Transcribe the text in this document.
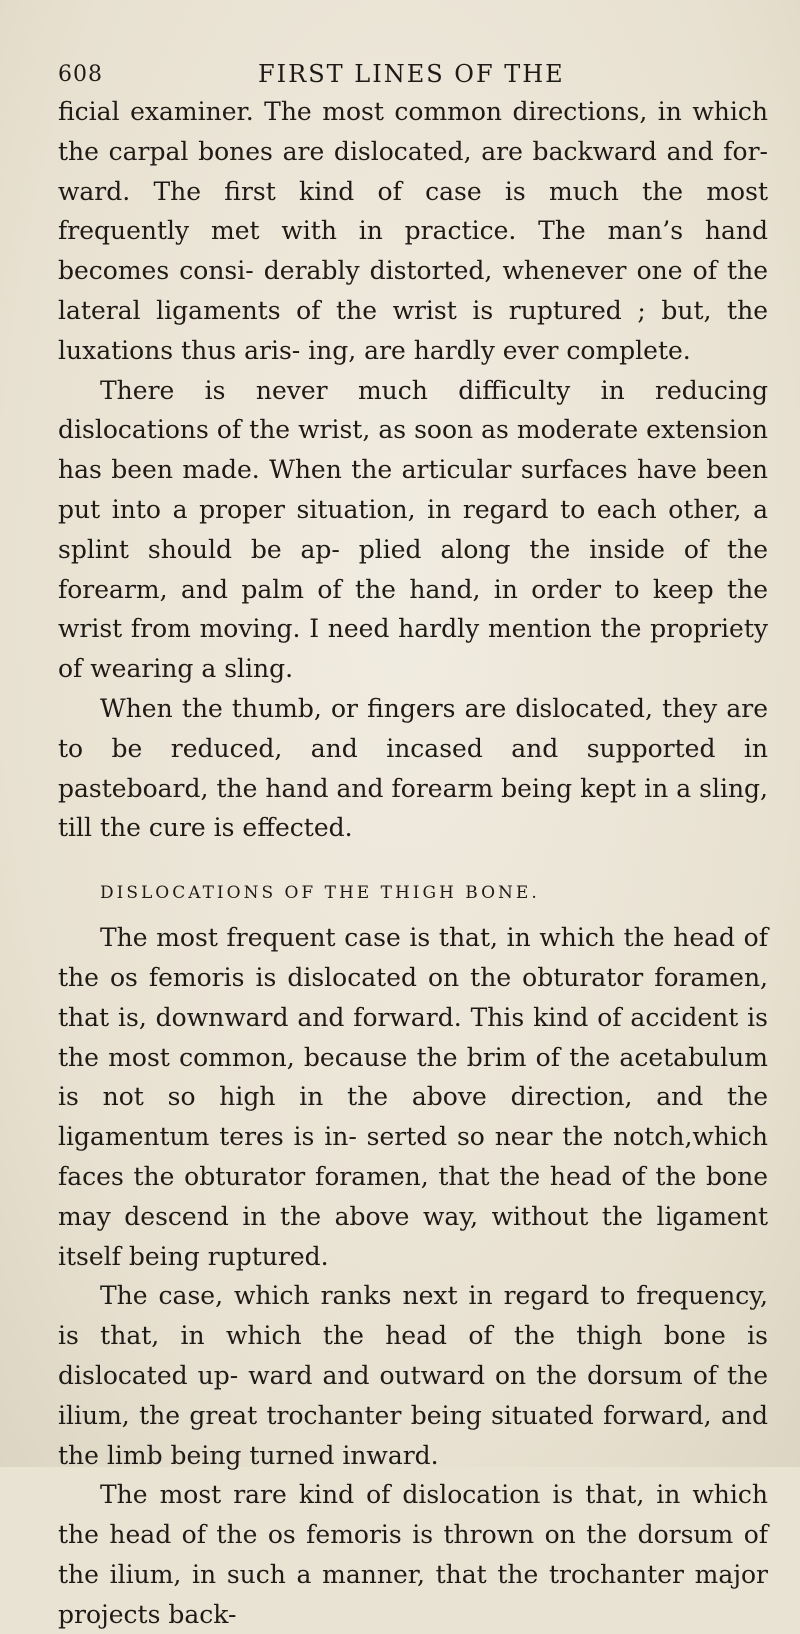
608	FIRST LINES OF THE

ficial examiner. The most common directions, in which the carpal bones are dislocated, are backward and for- ward. The first kind of case is much the most frequently met with in practice. The man’s hand becomes consi- derably distorted, whenever one of the lateral ligaments of the wrist is ruptured ; but, the luxations thus aris- ing, are hardly ever complete.

There is never much difficulty in reducing dislocations of the wrist, as soon as moderate extension has been made. When the articular surfaces have been put into a proper situation, in regard to each other, a splint should be ap- plied along the inside of the forearm, and palm of the hand, in order to keep the wrist from moving. I need hardly mention the propriety of wearing a sling.

When the thumb, or fingers are dislocated, they are to be reduced, and incased and supported in pasteboard, the hand and forearm being kept in a sling, till the cure is effected.

DISLOCATIONS OF THE THIGH BONE.

The most frequent case is that, in which the head of the os femoris is dislocated on the obturator foramen, that is, downward and forward. This kind of accident is the most common, because the brim of the acetabulum is not so high in the above direction, and the ligamentum teres is in- serted so near the notch,which faces the obturator foramen, that the head of the bone may descend in the above way, without the ligament itself being ruptured.

The case, which ranks next in regard to frequency, is that, in which the head of the thigh bone is dislocated up- ward and outward on the dorsum of the ilium, the great trochanter being situated forward, and the limb being turned inward.

The most rare kind of dislocation is that, in which the head of the os femoris is thrown on the dorsum of the ilium, in such a manner, that the trochanter major projects back-
